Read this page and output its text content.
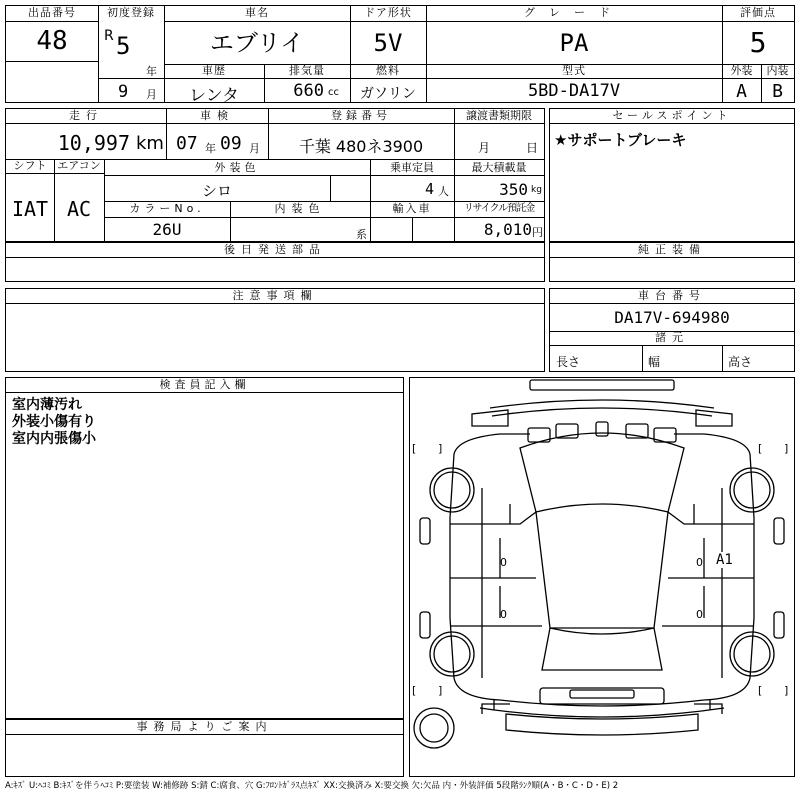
出品番号
48
初度登録
R 5
年
9 月
車名
エブリイ
ドア形状
5V
グレード
PA
評価点
5
車歴	排気量	燃料	型式	外装	内装
レンタ	660 cc	ガソリン	5BD-DA17V	A	B
走行
10,997 km
車検
07 年 09 月
登録番号
千葉 480ネ3900
譲渡書類期限
月	日
シフト
IAT
エアコン
AC
外装色
シロ
乗車定員
4 人
最大積載量
350 kg
カラーNo.
26U
内装色
系
輸入車	リサイクル預託金
8,010 円
セールスポイント
★サポートブレーキ
後日発送部品	純正装備
注意事項欄	車台番号
DA17V-694980
諸元
長さ	幅	高さ
検査員記入欄
室内薄汚れ
外装小傷有り
室内内張傷小
事務局よりご案内
[ ]	[ ]
[ ]	[ ]
0
0
0
0
A1
A:ｷｽﾞ U:ﾍｺﾐ B:ｷｽﾞを伴うﾍｺﾐ P:要塗装 W:補修跡 S:錆 C:腐食、穴 G:ﾌﾛﾝﾄｶﾞﾗｽ点ｷｽﾞ XX:交換済み X:要交換 欠:欠品 内・外装評価 5段階ﾗﾝｸ順(A・B・C・D・E) 2
